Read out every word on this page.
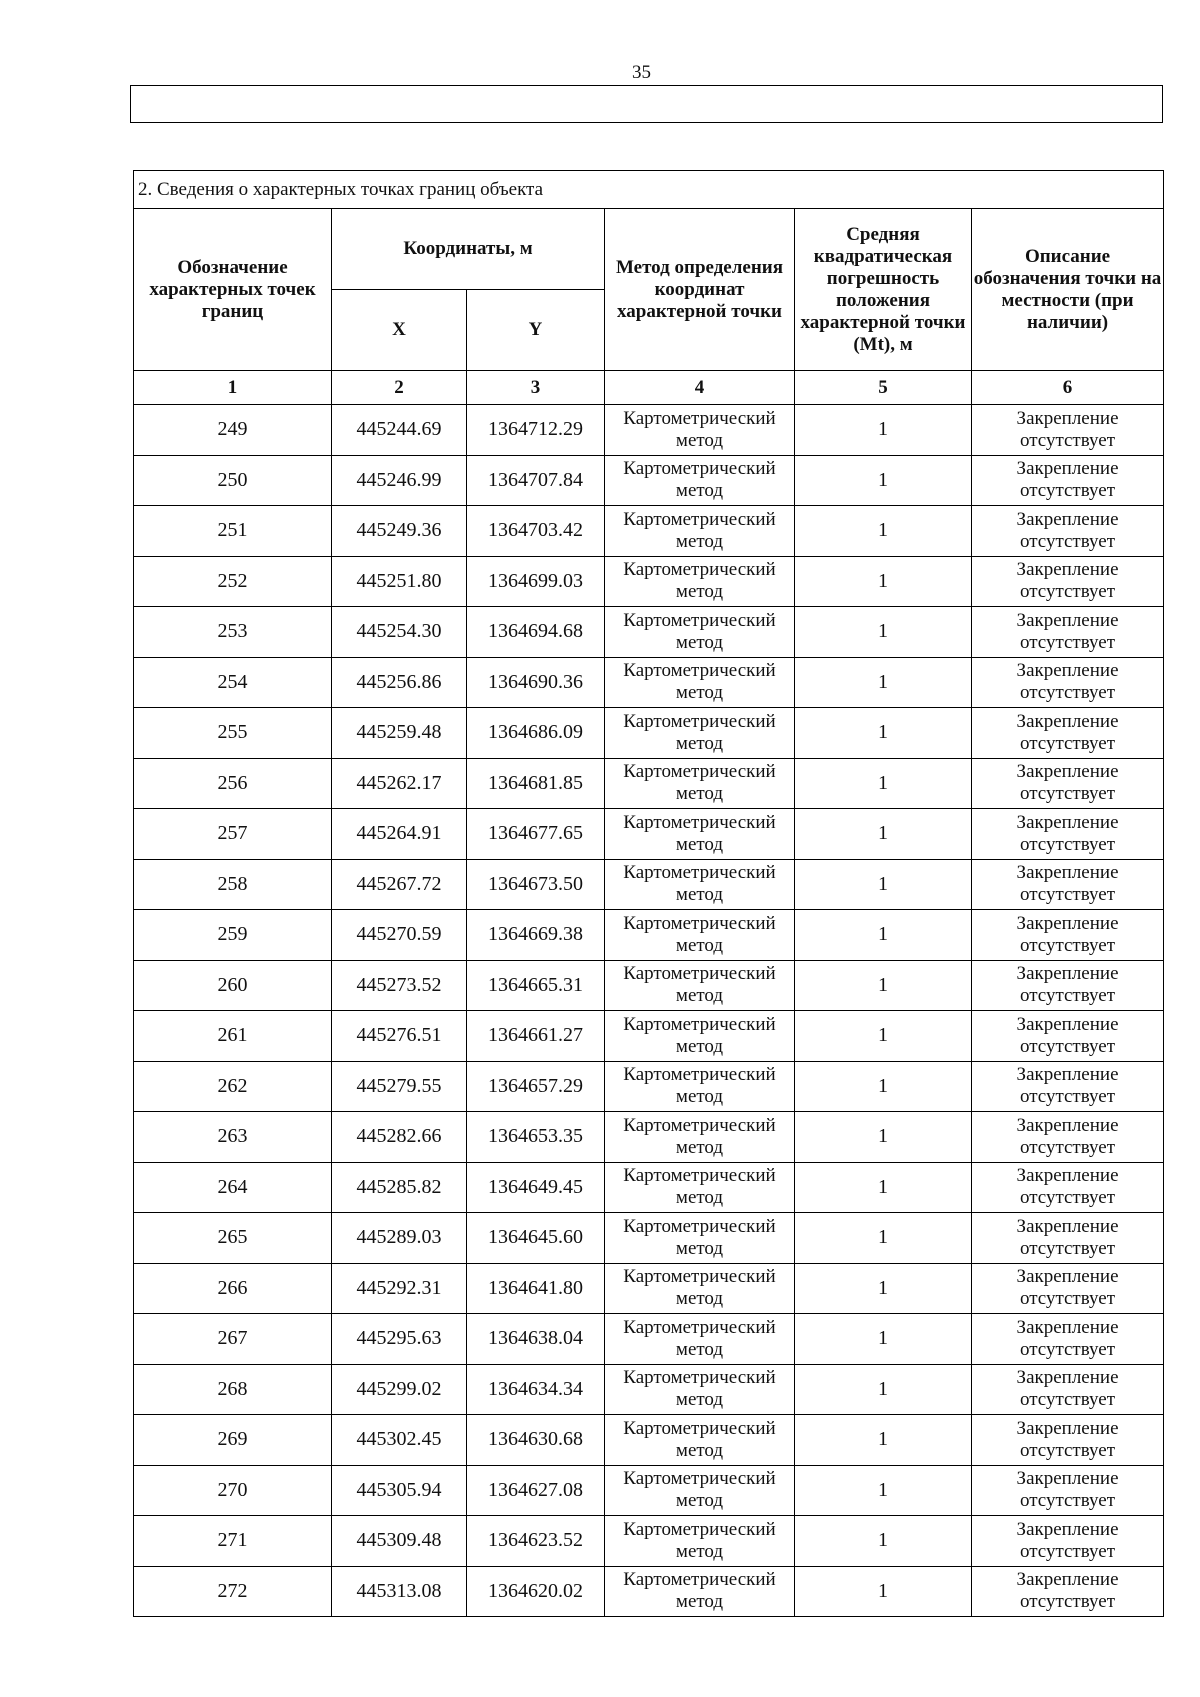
35
2. Сведения о характерных точках границ объекта					
Обозначение характерных точек границ	Координаты, м		Метод определения координат характерной точки	Средняя квадратическая погрешность положения характерной точки (Mt), м	Описание обозначения точки на местности (при наличии)
	X	Y			
1	2	3	4	5	6
249	445244.69	1364712.29	Картометрический метод	1	Закрепление отсутствует
250	445246.99	1364707.84	Картометрический метод	1	Закрепление отсутствует
251	445249.36	1364703.42	Картометрический метод	1	Закрепление отсутствует
252	445251.80	1364699.03	Картометрический метод	1	Закрепление отсутствует
253	445254.30	1364694.68	Картометрический метод	1	Закрепление отсутствует
254	445256.86	1364690.36	Картометрический метод	1	Закрепление отсутствует
255	445259.48	1364686.09	Картометрический метод	1	Закрепление отсутствует
256	445262.17	1364681.85	Картометрический метод	1	Закрепление отсутствует
257	445264.91	1364677.65	Картометрический метод	1	Закрепление отсутствует
258	445267.72	1364673.50	Картометрический метод	1	Закрепление отсутствует
259	445270.59	1364669.38	Картометрический метод	1	Закрепление отсутствует
260	445273.52	1364665.31	Картометрический метод	1	Закрепление отсутствует
261	445276.51	1364661.27	Картометрический метод	1	Закрепление отсутствует
262	445279.55	1364657.29	Картометрический метод	1	Закрепление отсутствует
263	445282.66	1364653.35	Картометрический метод	1	Закрепление отсутствует
264	445285.82	1364649.45	Картометрический метод	1	Закрепление отсутствует
265	445289.03	1364645.60	Картометрический метод	1	Закрепление отсутствует
266	445292.31	1364641.80	Картометрический метод	1	Закрепление отсутствует
267	445295.63	1364638.04	Картометрический метод	1	Закрепление отсутствует
268	445299.02	1364634.34	Картометрический метод	1	Закрепление отсутствует
269	445302.45	1364630.68	Картометрический метод	1	Закрепление отсутствует
270	445305.94	1364627.08	Картометрический метод	1	Закрепление отсутствует
271	445309.48	1364623.52	Картометрический метод	1	Закрепление отсутствует
272	445313.08	1364620.02	Картометрический метод	1	Закрепление отсутствует
